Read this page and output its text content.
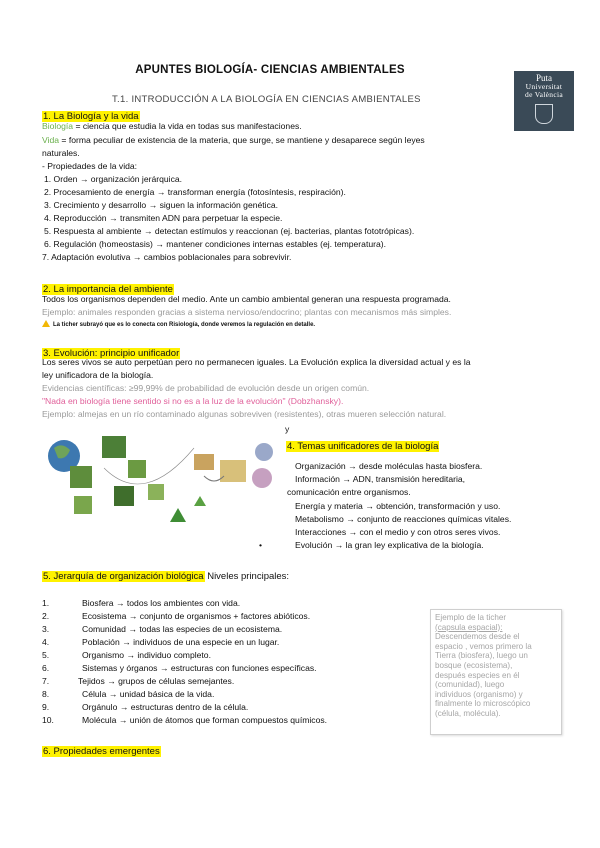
APUNTES BIOLOGÍA- CIENCIAS AMBIENTALES
T.1. INTRODUCCIÓN A LA BIOLOGÍA EN CIENCIAS AMBIENTALES
Puta
Universitat
de València
1. La Biología y la vida
Biología = ciencia que estudia la vida en todas sus manifestaciones.
Vida = forma peculiar de existencia de la materia, que surge, se mantiene y desaparece según leyes
naturales.
- Propiedades de la vida:
1. Orden → organización jerárquica.
2. Procesamiento de energía → transforman energía (fotosíntesis, respiración).
3. Crecimiento y desarrollo → siguen la información genética.
4. Reproducción → transmiten ADN para perpetuar la especie.
5. Respuesta al ambiente → detectan estímulos y reaccionan (ej. bacterias, plantas fototrópicas).
6. Regulación (homeostasis) → mantener condiciones internas estables (ej. temperatura).
7. Adaptación evolutiva → cambios poblacionales para sobrevivir.
2. La importancia del ambiente
Todos los organismos dependen del medio. Ante un cambio ambiental generan una respuesta programada.
Ejemplo: animales responden gracias a sistema nervioso/endocrino; plantas con mecanismos más simples.
La ticher subrayó que es lo conecta con Risiología, donde veremos la regulación en detalle.
3. Evolución: principio unificador
Los seres vivos se auto perpetúan pero no permanecen iguales. La Evolución explica la diversidad actual y es la
ley unificadora de la biología.
Evidencias científicas: ≥99,99% de probabilidad de evolución desde un origen común.
"Nada en biología tiene sentido si no es a la luz de la evolución" (Dobzhansky).
Ejemplo: almejas en un río contaminado algunas sobreviven (resistentes), otras mueren selección natural.
y
4. Temas unificadores de la biología
Organización → desde moléculas hasta biosfera.
Información → ADN, transmisión hereditaria,
comunicación entre organismos.
Energía y materia → obtención, transformación y uso.
Metabolismo → conjunto de reacciones químicas vitales.
Interacciones → con el medio y con otros seres vivos.
•	Evolución → la gran ley explicativa de la biología.
5. Jerarquía de organización biológica Niveles principales:
1.	Biosfera → todos los ambientes con vida.
2.	Ecosistema → conjunto de organismos + factores abióticos.
3.	Comunidad → todas las especies de un ecosistema.
4.	Población → individuos de una especie en un lugar.
5.	Organismo → individuo completo.
6.	Sistemas y órganos → estructuras con funciones específicas.
7.	Tejidos → grupos de células semejantes.
8.	Célula → unidad básica de la vida.
9.	Orgánulo → estructuras dentro de la célula.
10.	Molécula → unión de átomos que forman compuestos químicos.
Ejemplo de la ticher
(capsula espacial):
Descendemos desde el
espacio , vemos primero la
Tierra (biosfera), luego un
bosque (ecosistema),
después especies en él
(comunidad), luego
individuos (organismo) y
finalmente lo microscópico
(célula, molécula).
6. Propiedades emergentes
